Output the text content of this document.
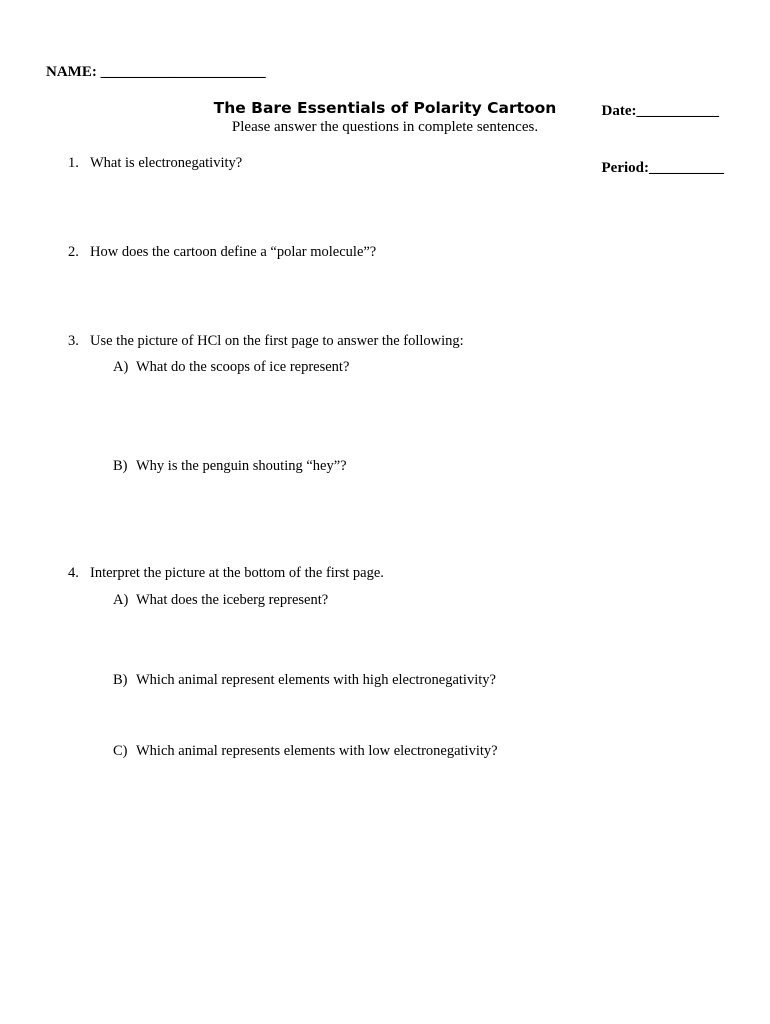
NAME: ______________________

Date:___________

Period:__________

The Bare Essentials of Polarity Cartoon
Please answer the questions in complete sentences.
1. What is electronegativity?
2. How does the cartoon define a “polar molecule”?
3. Use the picture of HCl on the first page to answer the following:
A) What do the scoops of ice represent?
B) Why is the penguin shouting “hey”?
4. Interpret the picture at the bottom of the first page.
A) What does the iceberg represent?
B) Which animal represent elements with high electronegativity?
C) Which animal represents elements with low electronegativity?
